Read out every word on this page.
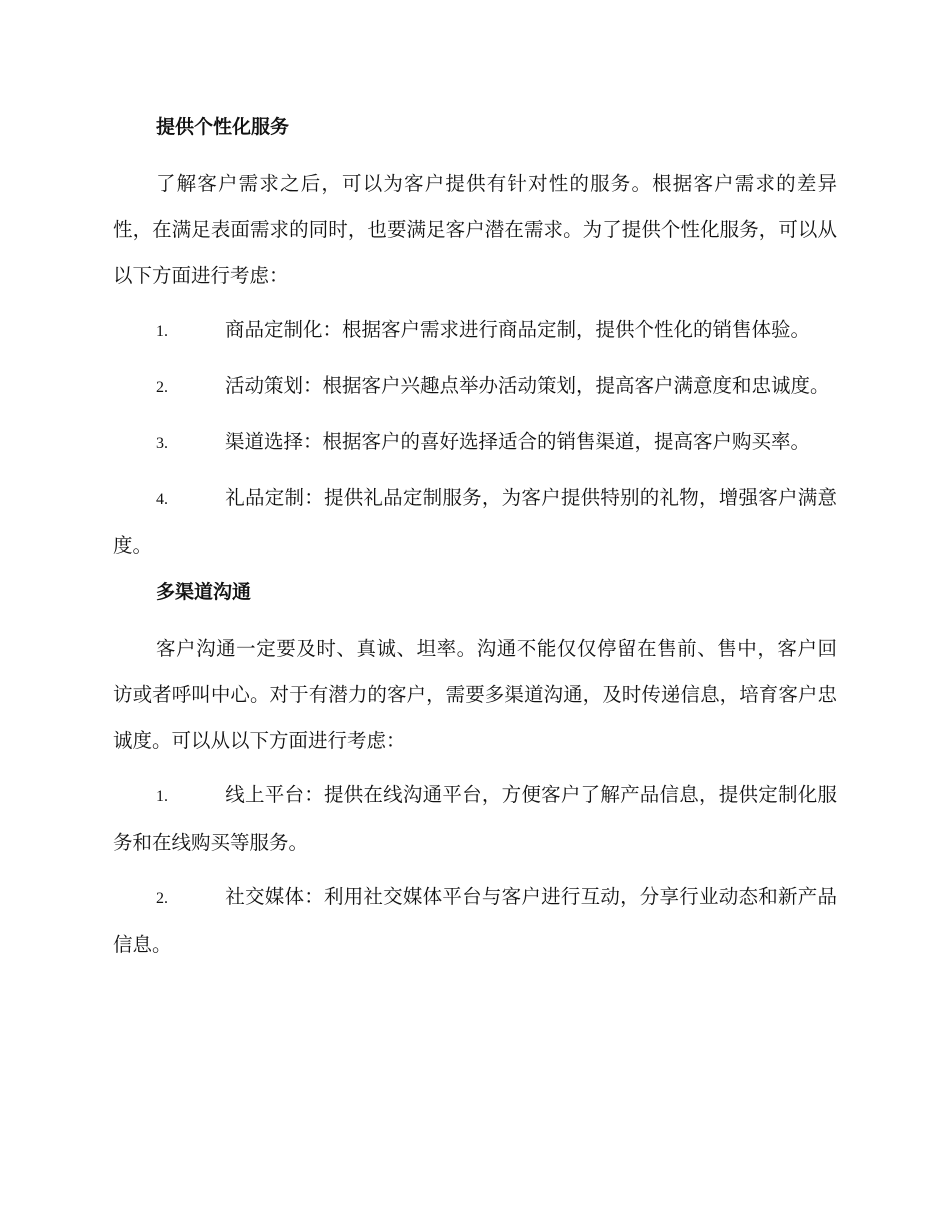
提供个性化服务

了解客户需求之后，可以为客户提供有针对性的服务。根据客户需求的差异性，在满足表面需求的同时，也要满足客户潜在需求。为了提供个性化服务，可以从以下方面进行考虑：

1.	商品定制化：根据客户需求进行商品定制，提供个性化的销售体验。

2.	活动策划：根据客户兴趣点举办活动策划，提高客户满意度和忠诚度。

3.	渠道选择：根据客户的喜好选择适合的销售渠道，提高客户购买率。

4.	礼品定制：提供礼品定制服务，为客户提供特别的礼物，增强客户满意度。

多渠道沟通

客户沟通一定要及时、真诚、坦率。沟通不能仅仅停留在售前、售中，客户回访或者呼叫中心。对于有潜力的客户，需要多渠道沟通，及时传递信息，培育客户忠诚度。可以从以下方面进行考虑：

1.	线上平台：提供在线沟通平台，方便客户了解产品信息，提供定制化服务和在线购买等服务。

2.	社交媒体：利用社交媒体平台与客户进行互动，分享行业动态和新产品信息。
